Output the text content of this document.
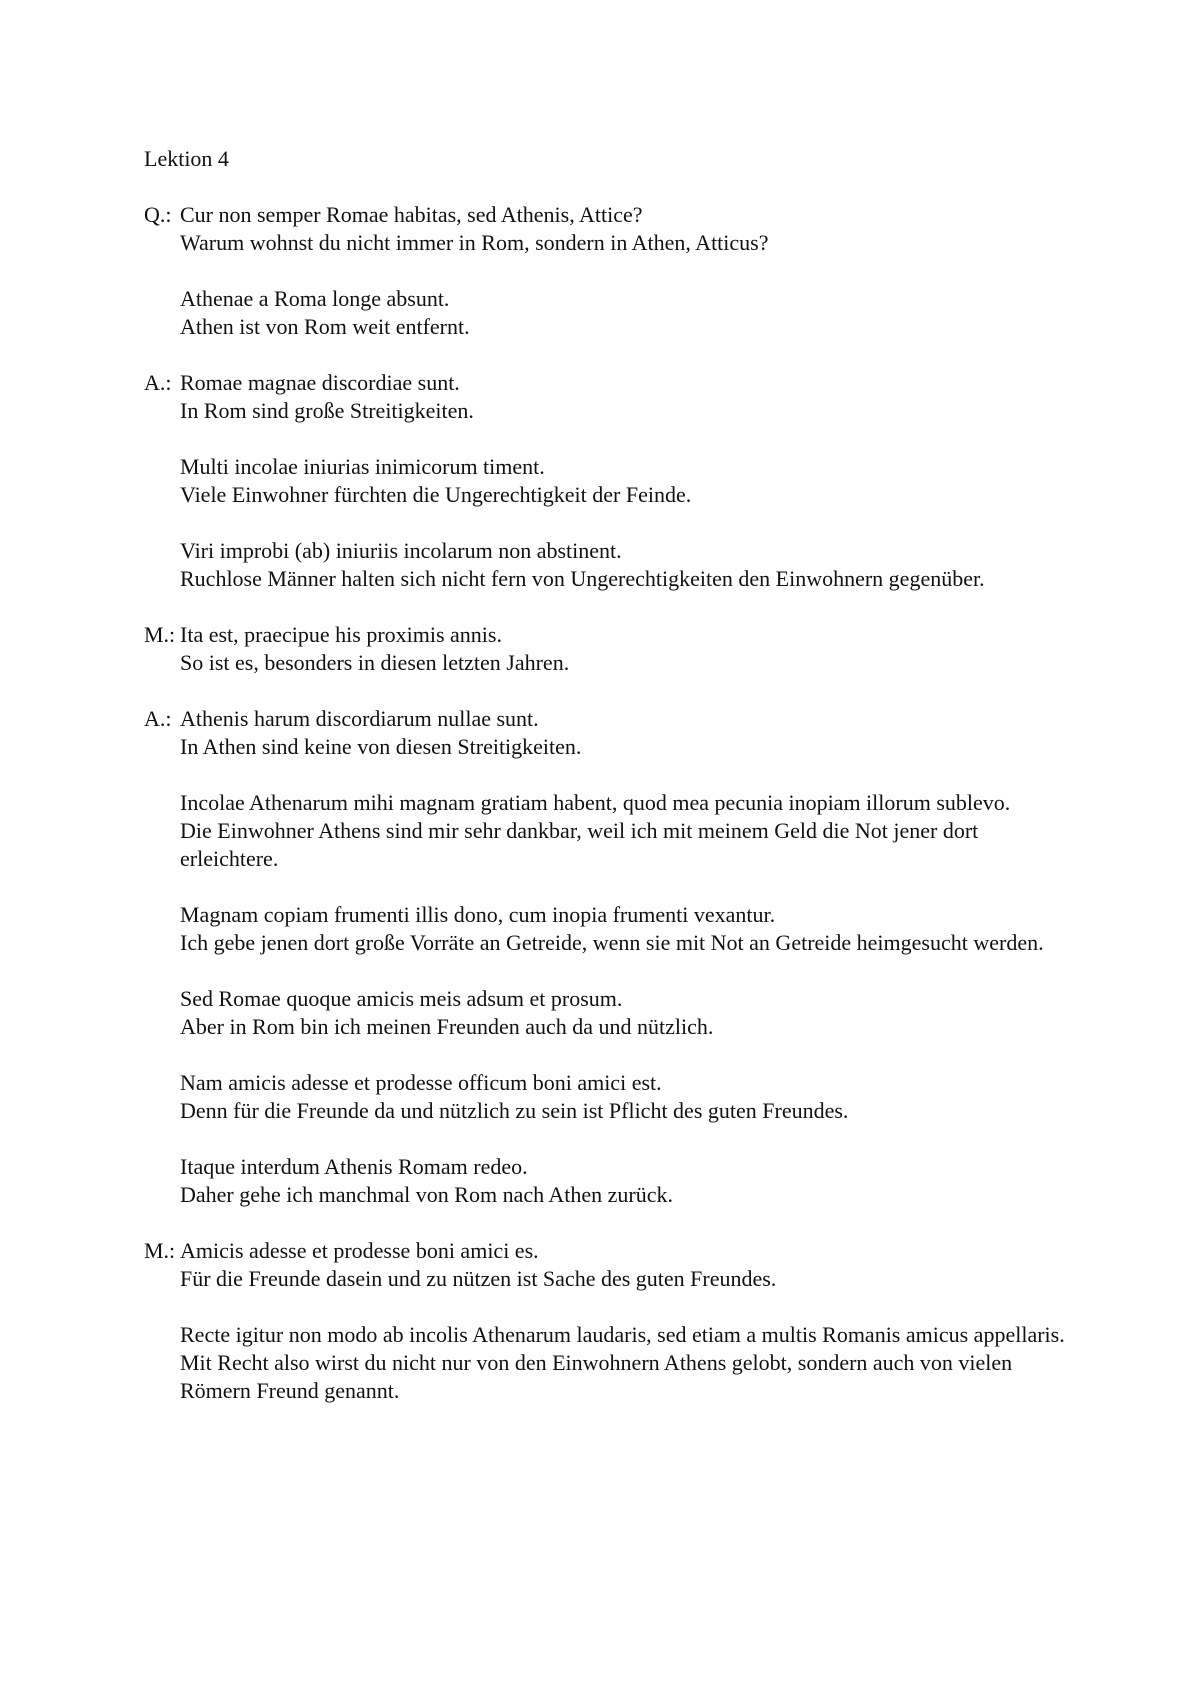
Lektion 4
Q.: Cur non semper Romae habitas, sed Athenis, Attice?
Warum wohnst du nicht immer in Rom, sondern in Athen, Atticus?
Athenae a Roma longe absunt.
Athen ist von Rom weit entfernt.
A.: Romae magnae discordiae sunt.
In Rom sind große Streitigkeiten.
Multi incolae iniurias inimicorum timent.
Viele Einwohner fürchten die Ungerechtigkeit der Feinde.
Viri improbi (ab) iniuriis incolarum non abstinent.
Ruchlose Männer halten sich nicht fern von Ungerechtigkeiten den Einwohnern gegenüber.
M.: Ita est, praecipue his proximis annis.
So ist es, besonders in diesen letzten Jahren.
A.: Athenis harum discordiarum nullae sunt.
In Athen sind keine von diesen Streitigkeiten.
Incolae Athenarum mihi magnam gratiam habent, quod mea pecunia inopiam illorum sublevo.
Die Einwohner Athens sind mir sehr dankbar, weil ich mit meinem Geld die Not jener dort erleichtere.
Magnam copiam frumenti illis dono, cum inopia frumenti vexantur.
Ich gebe jenen dort große Vorräte an Getreide, wenn sie mit Not an Getreide heimgesucht werden.
Sed Romae quoque amicis meis adsum et prosum.
Aber in Rom bin ich meinen Freunden auch da und nützlich.
Nam amicis adesse et prodesse officum boni amici est.
Denn für die Freunde da und nützlich zu sein ist Pflicht des guten Freundes.
Itaque interdum Athenis Romam redeo.
Daher gehe ich manchmal von Rom nach Athen zurück.
M.: Amicis adesse et prodesse boni amici es.
Für die Freunde dasein und zu nützen ist Sache des guten Freundes.
Recte igitur non modo ab incolis Athenarum laudaris, sed etiam a multis Romanis amicus appellaris.
Mit Recht also wirst du nicht nur von den Einwohnern Athens gelobt, sondern auch von vielen Römern Freund genannt.
